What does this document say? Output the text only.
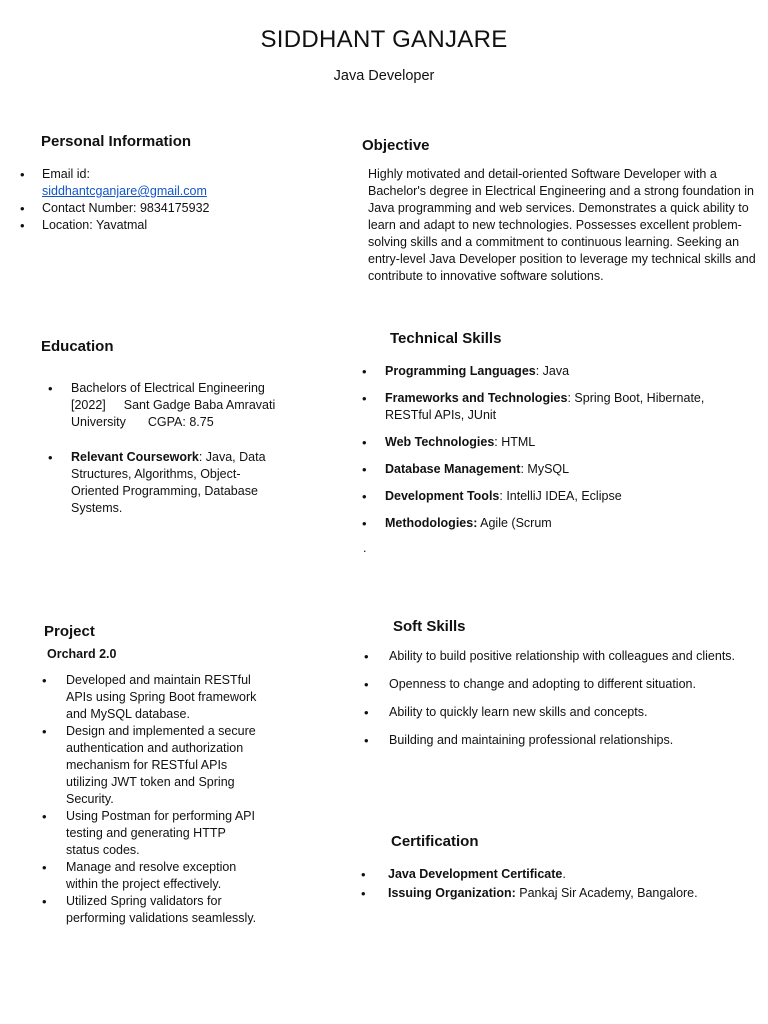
SIDDHANT GANJARE
Java Developer
Personal Information
• Email id:
siddhantcganjare@gmail.com
• Contact Number: 9834175932
• Location: Yavatmal
Objective
Highly motivated and detail-oriented Software Developer with a Bachelor's degree in Electrical Engineering and a strong foundation in Java programming and web services. Demonstrates a quick ability to learn and adapt to new technologies. Possesses excellent problem-solving skills and a commitment to continuous learning. Seeking an entry-level Java Developer position to leverage my technical skills and contribute to innovative software solutions.
Education
• Bachelors of Electrical Engineering
[2022] Sant Gadge Baba Amravati University CGPA: 8.75
• Relevant Coursework: Java, Data Structures, Algorithms, Object-Oriented Programming, Database Systems.
Technical Skills
• Programming Languages: Java
• Frameworks and Technologies: Spring Boot, Hibernate, RESTful APIs, JUnit
• Web Technologies: HTML
• Database Management: MySQL
• Development Tools: IntelliJ IDEA, Eclipse
• Methodologies: Agile (Scrum
.
Project
Orchard 2.0
• Developed and maintain RESTful APIs using Spring Boot framework and MySQL database.
• Design and implemented a secure authentication and authorization mechanism for RESTful APIs utilizing JWT token and Spring Security.
• Using Postman for performing API testing and generating HTTP status codes.
• Manage and resolve exception within the project effectively.
• Utilized Spring validators for performing validations seamlessly.
Soft Skills
• Ability to build positive relationship with colleagues and clients.
• Openness to change and adopting to different situation.
• Ability to quickly learn new skills and concepts.
• Building and maintaining professional relationships.
Certification
• Java Development Certificate.
• Issuing Organization: Pankaj Sir Academy, Bangalore.
